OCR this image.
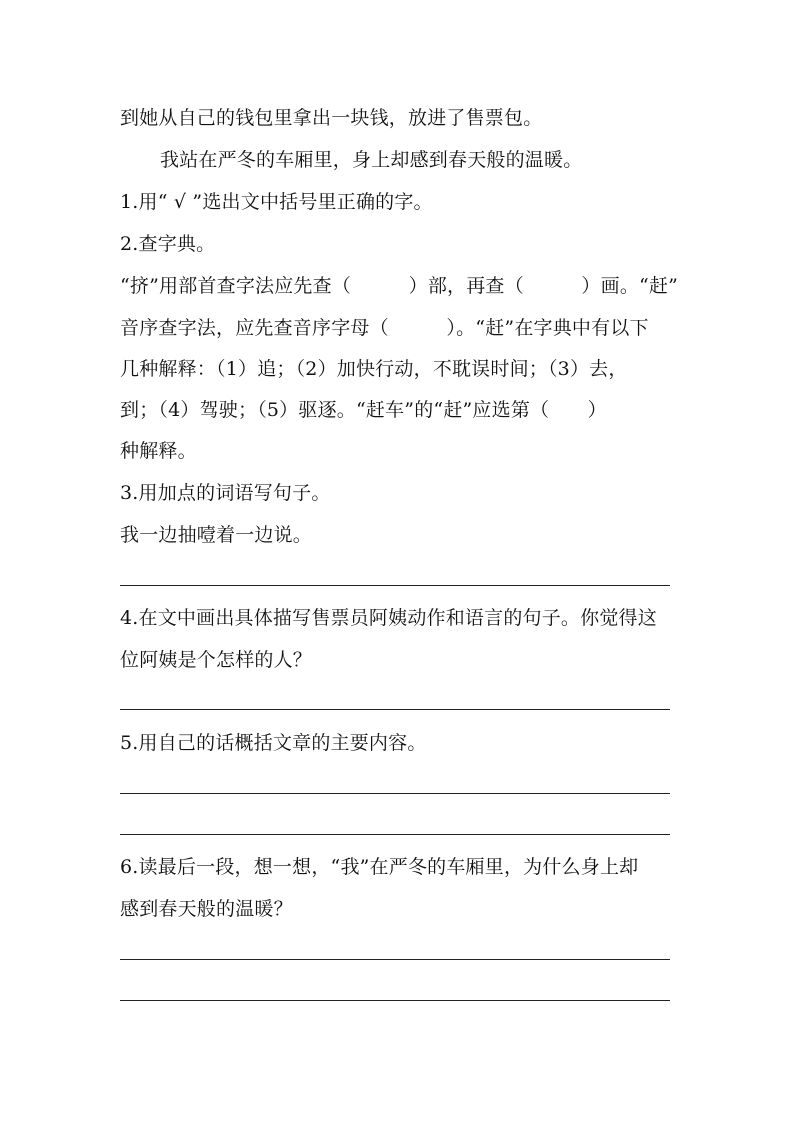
到她从自己的钱包里拿出一块钱，放进了售票包。
我站在严冬的车厢里，身上却感到春天般的温暖。
1.用“ √ ”选出文中括号里正确的字。
2.查字典。
“挤”用部首查字法应先查（　　　）部，再查（　　　）画。“赶”
音序查字法，应先查音序字母（　　　）。“赶”在字典中有以下
几种解释：（1）追；（2）加快行动，不耽误时间；（3）去，
到；（4）驾驶；（5）驱逐。“赶车”的“赶”应选第（　　）
种解释。
3.用加点的词语写句子。
我一边抽噎着一边说。
4.在文中画出具体描写售票员阿姨动作和语言的句子。你觉得这
位阿姨是个怎样的人？
5.用自己的话概括文章的主要内容。
6.读最后一段，想一想，“我”在严冬的车厢里，为什么身上却
感到春天般的温暖？
